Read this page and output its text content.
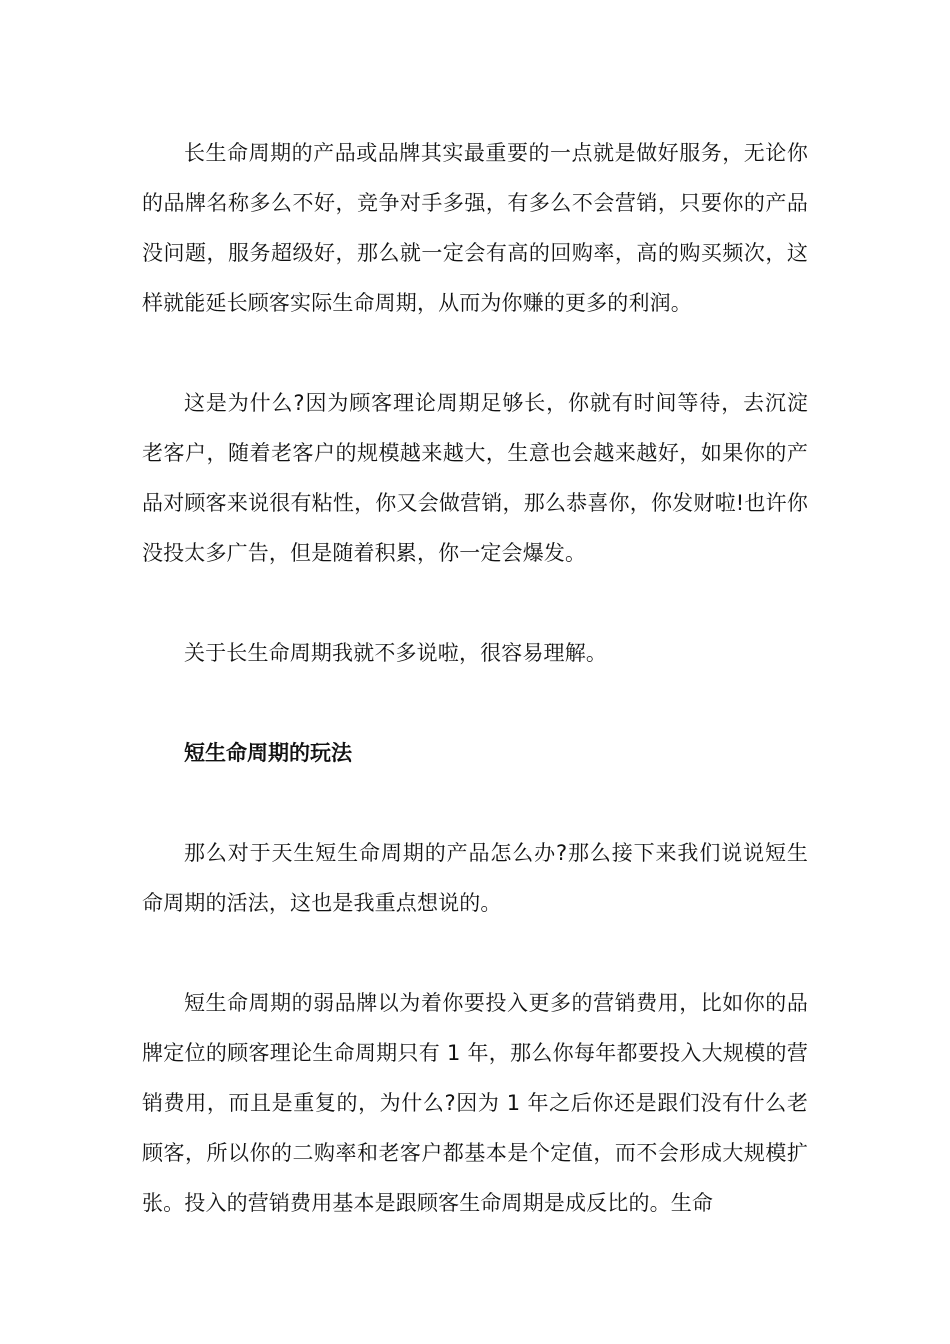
长生命周期的产品或品牌其实最重要的一点就是做好服务，无论你的品牌名称多么不好，竞争对手多强，有多么不会营销，只要你的产品没问题，服务超级好，那么就一定会有高的回购率，高的购买频次，这样就能延长顾客实际生命周期，从而为你赚的更多的利润。

这是为什么?因为顾客理论周期足够长，你就有时间等待，去沉淀老客户，随着老客户的规模越来越大，生意也会越来越好，如果你的产品对顾客来说很有粘性，你又会做营销，那么恭喜你，你发财啦!也许你没投太多广告，但是随着积累，你一定会爆发。

关于长生命周期我就不多说啦，很容易理解。

短生命周期的玩法

那么对于天生短生命周期的产品怎么办?那么接下来我们说说短生命周期的活法，这也是我重点想说的。

短生命周期的弱品牌以为着你要投入更多的营销费用，比如你的品牌定位的顾客理论生命周期只有 1 年，那么你每年都要投入大规模的营销费用，而且是重复的，为什么?因为 1 年之后你还是跟们没有什么老顾客，所以你的二购率和老客户都基本是个定值，而不会形成大规模扩张。投入的营销费用基本是跟顾客生命周期是成反比的。生命
